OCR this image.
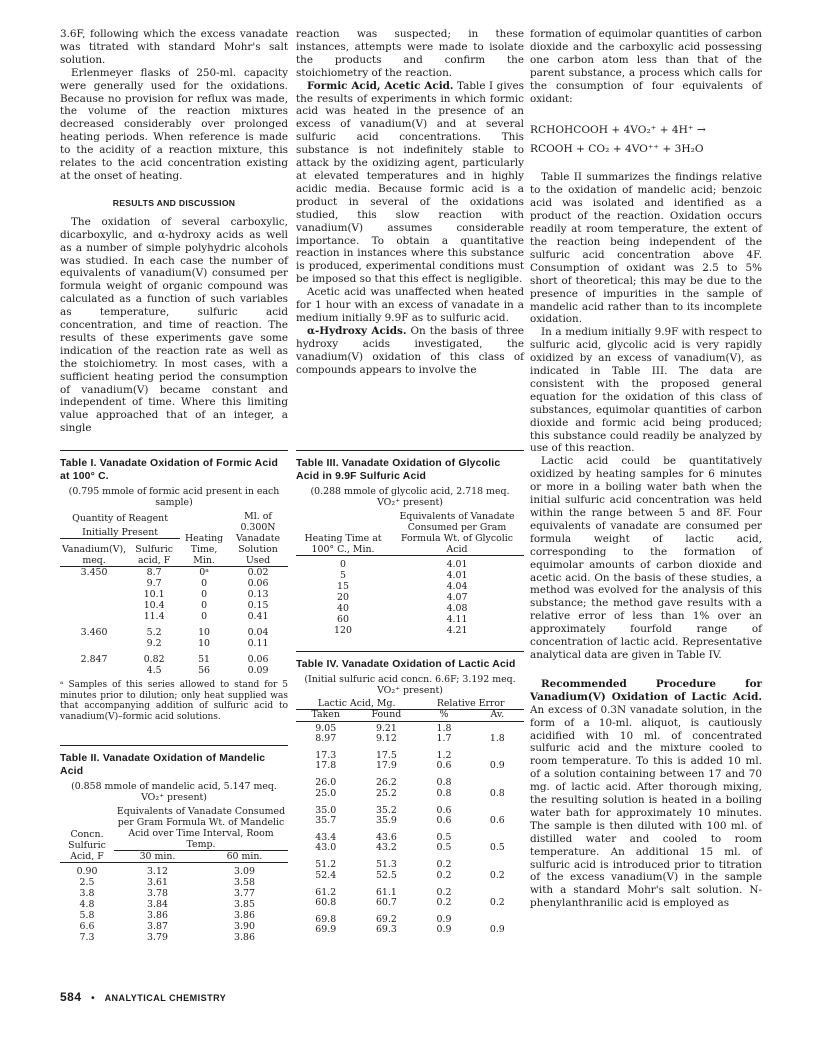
3.6F, following which the excess vanadate was titrated with standard Mohr's salt solution.

Erlenmeyer flasks of 250-ml. capacity were generally used for the oxidations. Because no provision for reflux was made, the volume of the reaction mixtures decreased considerably over prolonged heating periods. When reference is made to the acidity of a reaction mixture, this relates to the acid concentration existing at the onset of heating.

RESULTS AND DISCUSSION

The oxidation of several carboxylic, dicarboxylic, and α-hydroxy acids as well as a number of simple polyhydric alcohols was studied. In each case the number of equivalents of vanadium(V) consumed per formula weight of organic compound was calculated as a function of such variables as temperature, sulfuric acid concentration, and time of reaction. The results of these experiments gave some indication of the reaction rate as well as the stoichiometry. In most cases, with a sufficient heating period the consumption of vanadium(V) became constant and independent of time. Where this limiting value approached that of an integer, a single

reaction was suspected; in these instances, attempts were made to isolate the products and confirm the stoichiometry of the reaction.

Formic Acid, Acetic Acid. Table I gives the results of experiments in which formic acid was heated in the presence of an excess of vanadium(V) and at several sulfuric acid concentrations. This substance is not indefinitely stable to attack by the oxidizing agent, particularly at elevated temperatures and in highly acidic media. Because formic acid is a product in several of the oxidations studied, this slow reaction with vanadium(V) assumes considerable importance. To obtain a quantitative reaction in instances where this substance is produced, experimental conditions must be imposed so that this effect is negligible.

Acetic acid was unaffected when heated for 1 hour with an excess of vanadate in a medium initially 9.9F as to sulfuric acid.

α-Hydroxy Acids. On the basis of three hydroxy acids investigated, the vanadium(V) oxidation of this class of compounds appears to involve the

formation of equimolar quantities of carbon dioxide and the carboxylic acid possessing one carbon atom less than that of the parent substance, a process which calls for the consumption of four equivalents of oxidant:

RCHOHCOOH + 4VO₂⁺ + 4H⁺ →
RCOOH + CO₂ + 4VO⁺⁺ + 3H₂O

Table II summarizes the findings relative to the oxidation of mandelic acid; benzoic acid was isolated and identified as a product of the reaction. Oxidation occurs readily at room temperature, the extent of the reaction being independent of the sulfuric acid concentration above 4F. Consumption of oxidant was 2.5 to 5% short of theoretical; this may be due to the presence of impurities in the sample of mandelic acid rather than to its incomplete oxidation.

In a medium initially 9.9F with respect to sulfuric acid, glycolic acid is very rapidly oxidized by an excess of vanadium(V), as indicated in Table III. The data are consistent with the proposed general equation for the oxidation of this class of substances, equimolar quantities of carbon dioxide and formic acid being produced; this substance could readily be analyzed by use of this reaction.

Lactic acid could be quantitatively oxidized by heating samples for 6 minutes or more in a boiling water bath when the initial sulfuric acid concentration was held within the range between 5 and 8F. Four equivalents of vanadate are consumed per formula weight of lactic acid, corresponding to the formation of equimolar amounts of carbon dioxide and acetic acid. On the basis of these studies, a method was evolved for the analysis of this substance; the method gave results with a relative error of less than 1% over an approximately fourfold range of concentration of lactic acid. Representative analytical data are given in Table IV.

Recommended Procedure for Vanadium(V) Oxidation of Lactic Acid. An excess of 0.3N vanadate solution, in the form of a 10-ml. aliquot, is cautiously acidified with 10 ml. of concentrated sulfuric acid and the mixture cooled to room temperature. To this is added 10 ml. of a solution containing between 17 and 70 mg. of lactic acid. After thorough mixing, the resulting solution is heated in a boiling water bath for approximately 10 minutes. The sample is then diluted with 100 ml. of distilled water and cooled to room temperature. An additional 15 ml. of sulfuric acid is introduced prior to titration of the excess vanadium(V) in the sample with a standard Mohr's salt solution. N-phenylanthranilic acid is employed as

Table I. Vanadate Oxidation of Formic Acid at 100° C.
(0.795 mmole of formic acid present in each sample)
Quantity of Reagent		Heating Time, Min.	Ml. of 0.300N Vanadate Solution Used
Initially Present			
Vanadium(V), meq.	Sulfuric acid, F		
3.450	8.7	0ᵃ	0.02
	9.7	0	0.06
	10.1	0	0.13
	10.4	0	0.15
	11.4	0	0.41
3.460	5.2	10	0.04
	9.2	10	0.11
2.847	0.82	51	0.06
	4.5	56	0.09
ᵃ Samples of this series allowed to stand for 5 minutes prior to dilution; only heat supplied was that accompanying addition of sulfuric acid to vanadium(V)–formic acid solutions.
Table II. Vanadate Oxidation of Mandelic Acid
(0.858 mmole of mandelic acid, 5.147 meq. VO₂⁺ present)
Concn. Sulfuric Acid, F	Equivalents of Vanadate Consumed per Gram Formula Wt. of Mandelic Acid over Time Interval, Room Temp.	
	30 min.	60 min.
0.90	3.12	3.09
2.5	3.61	3.58
3.8	3.78	3.77
4.8	3.84	3.85
5.8	3.86	3.86
6.6	3.87	3.90
7.3	3.79	3.86
Table III. Vanadate Oxidation of Glycolic Acid in 9.9F Sulfuric Acid
(0.288 mmole of glycolic acid, 2.718 meq. VO₂⁺ present)
Heating Time at 100° C., Min.	Equivalents of Vanadate Consumed per Gram Formula Wt. of Glycolic Acid
0	4.01
5	4.01
15	4.04
20	4.07
40	4.08
60	4.11
120	4.21
Table IV. Vanadate Oxidation of Lactic Acid
(Initial sulfuric acid concn. 6.6F; 3.192 meq. VO₂⁺ present)
Lactic Acid, Mg.		Relative Error	
Taken	Found	%	Av.
9.05	9.21	1.8	
8.97	9.12	1.7	1.8
17.3	17.5	1.2	
17.8	17.9	0.6	0.9
26.0	26.2	0.8	
25.0	25.2	0.8	0.8
35.0	35.2	0.6	
35.7	35.9	0.6	0.6
43.4	43.6	0.5	
43.0	43.2	0.5	0.5
51.2	51.3	0.2	
52.4	52.5	0.2	0.2
61.2	61.1	0.2	
60.8	60.7	0.2	0.2
69.8	69.2	0.9	
69.9	69.3	0.9	0.9
584 • ANALYTICAL CHEMISTRY
